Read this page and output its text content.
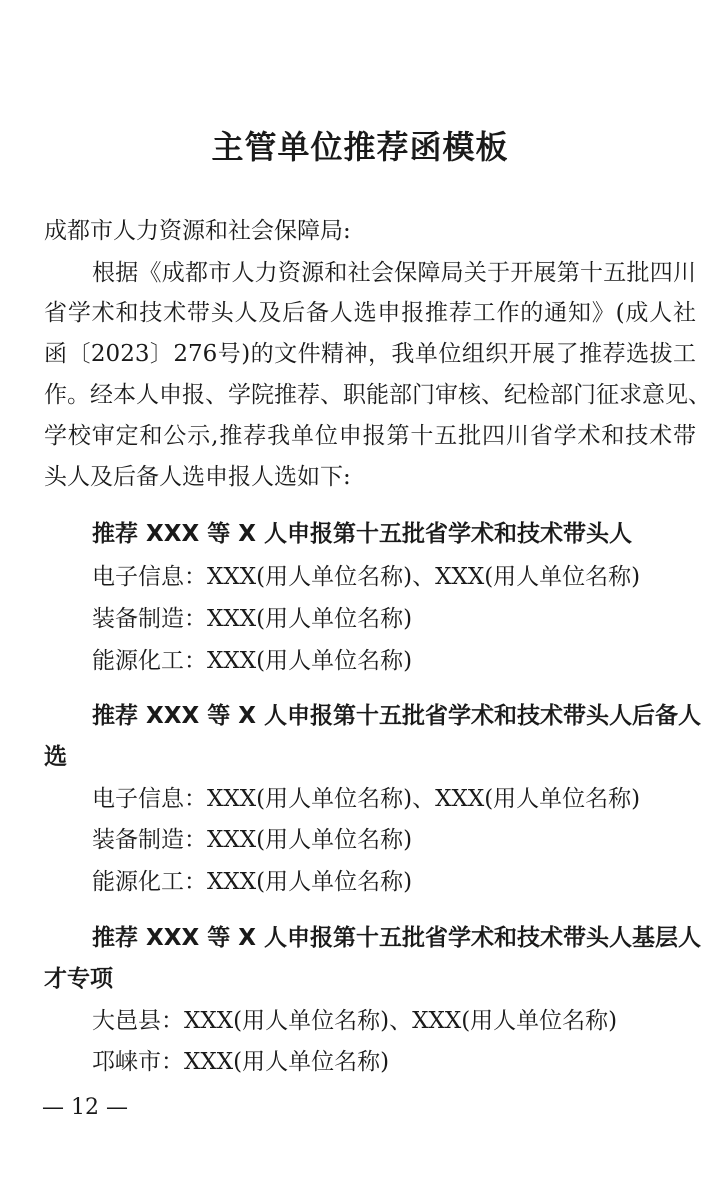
主管单位推荐函模板
成都市人力资源和社会保障局:
根据《成都市人力资源和社会保障局关于开展第十五批四川
省学术和技术带头人及后备人选申报推荐工作的通知》(成人社
函〔2023〕276号)的文件精神，我单位组织开展了推荐选拔工
作。经本人申报、学院推荐、职能部门审核、纪检部门征求意见、
学校审定和公示,推荐我单位申报第十五批四川省学术和技术带
头人及后备人选申报人选如下:
推荐 XXX 等 X 人申报第十五批省学术和技术带头人
电子信息：XXX(用人单位名称)、XXX(用人单位名称)
装备制造：XXX(用人单位名称)
能源化工：XXX(用人单位名称)
推荐 XXX 等 X 人申报第十五批省学术和技术带头人后备人
选
电子信息：XXX(用人单位名称)、XXX(用人单位名称)
装备制造：XXX(用人单位名称)
能源化工：XXX(用人单位名称)
推荐 XXX 等 X 人申报第十五批省学术和技术带头人基层人
才专项
大邑县：XXX(用人单位名称)、XXX(用人单位名称)
邛崃市：XXX(用人单位名称)
— 12 —
